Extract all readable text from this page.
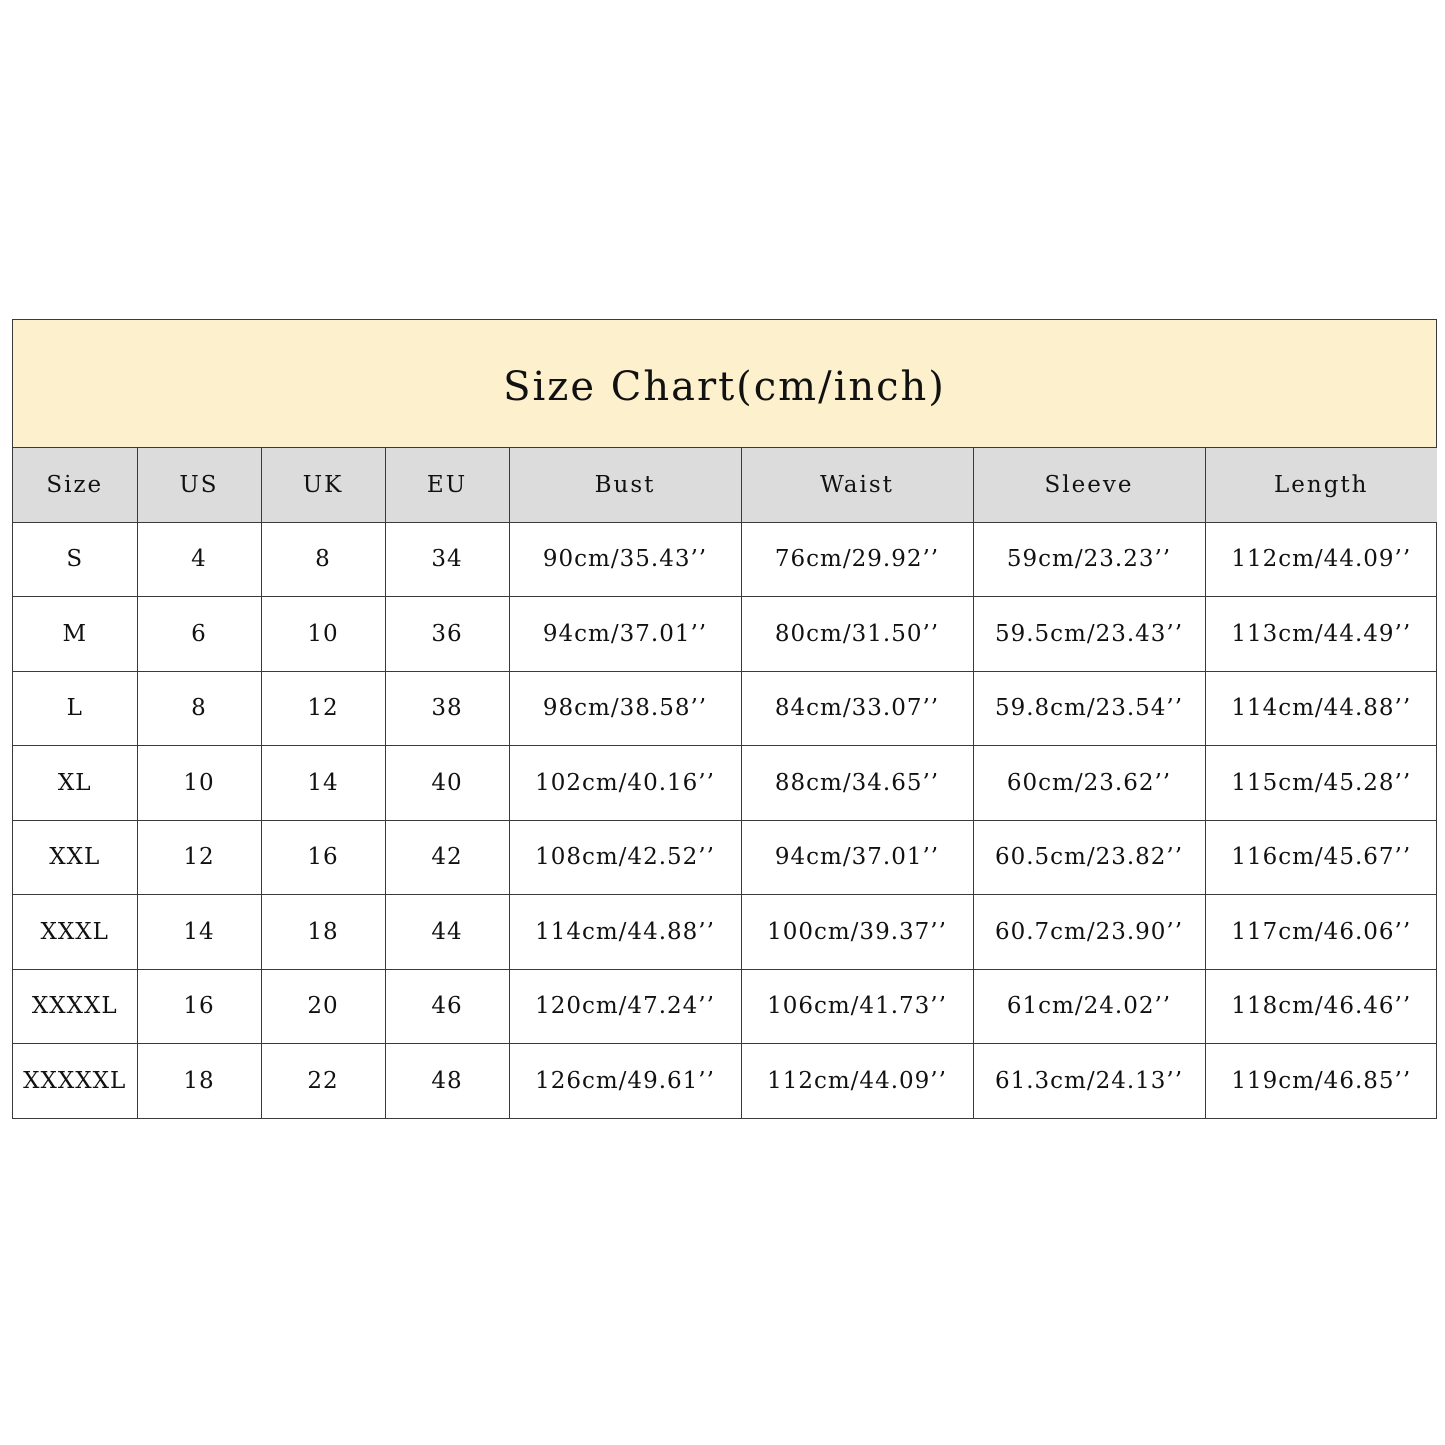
Size Chart(cm/inch)
Size	US	UK	EU	Bust	Waist	Sleeve	Length
S	4	8	34	90cm/35.43’’	76cm/29.92’’	59cm/23.23’’	112cm/44.09’’
M	6	10	36	94cm/37.01’’	80cm/31.50’’	59.5cm/23.43’’	113cm/44.49’’
L	8	12	38	98cm/38.58’’	84cm/33.07’’	59.8cm/23.54’’	114cm/44.88’’
XL	10	14	40	102cm/40.16’’	88cm/34.65’’	60cm/23.62’’	115cm/45.28’’
XXL	12	16	42	108cm/42.52’’	94cm/37.01’’	60.5cm/23.82’’	116cm/45.67’’
XXXL	14	18	44	114cm/44.88’’	100cm/39.37’’	60.7cm/23.90’’	117cm/46.06’’
XXXXL	16	20	46	120cm/47.24’’	106cm/41.73’’	61cm/24.02’’	118cm/46.46’’
XXXXXL	18	22	48	126cm/49.61’’	112cm/44.09’’	61.3cm/24.13’’	119cm/46.85’’
